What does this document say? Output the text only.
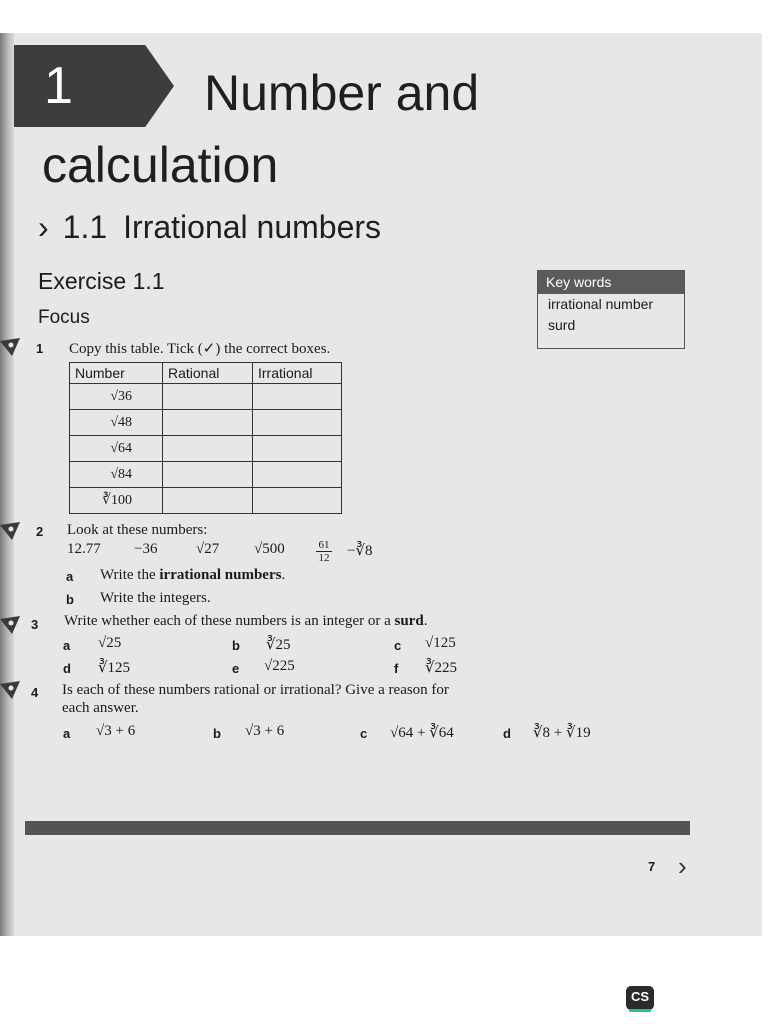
1	Number and
calculation
› 1.1 Irrational numbers
Exercise 1.1
Focus
Key words
irrational number
surd
1 Copy this table. Tick (✓) the correct boxes.
Number	Rational	Irrational
√36		
√48		
√64		
√84		
∛100		
2 Look at these numbers:
12.77 −36	√27 √500	$\frac{61}{12}$ −∛8
a Write the irrational numbers.
b Write the integers.
3 Write whether each of these numbers is an integer or a surd.
a √25	b ∛25	c √125
d ∛125	e √225	f ∛225
4 Is each of these numbers rational or irrational? Give a reason for
each answer.
a √3 + 6	b √3 + 6	c √64 + ∛64	d ∛8 + ∛19
7 ›
CS
